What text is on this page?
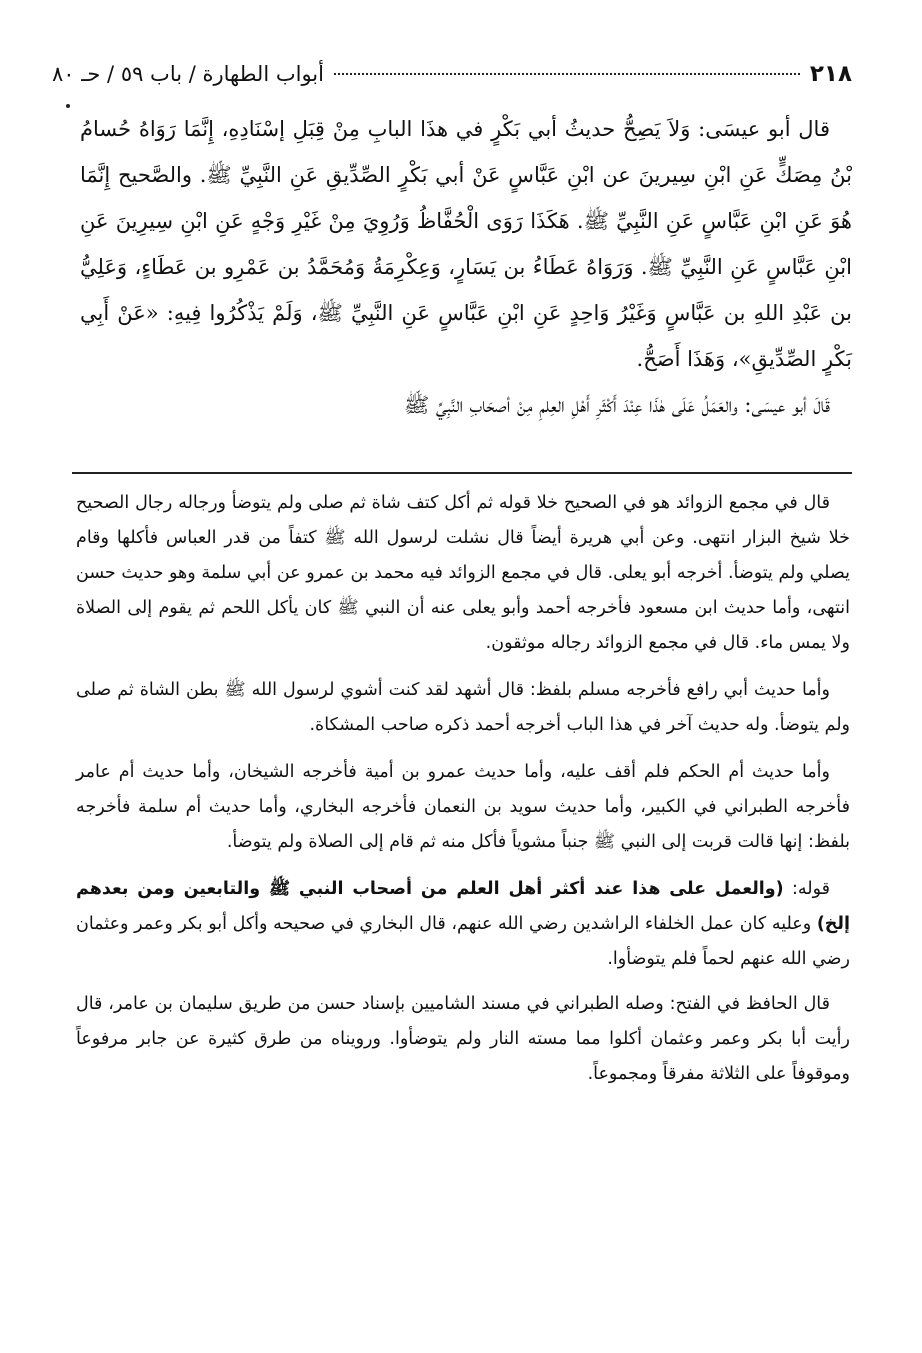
٢١٨
أبواب الطهارة / باب ٥٩ / حـ ٨٠

قال أبو عيسَى: وَلاَ يَصِحُّ حديثُ أبي بَكْرٍ في هذَا البابِ مِنْ قِبَلِ إسْنَادِهِ، إِنَّمَا رَوَاهُ حُسامُ بْنُ مِصَكٍّ عَنِ ابْنِ سِيرينَ عن ابْنِ عَبَّاسٍ عَنْ أبي بَكْرٍ الصِّدِّيقِ عَنِ النَّبِيِّ ﷺ. والصَّحيح إِنَّمَا هُوَ عَنِ ابْنِ عَبَّاسٍ عَنِ النَّبِيِّ ﷺ. هَكَذَا رَوَى الْحُفَّاظُ وَرُوِيَ مِنْ غَيْرِ وَجْهٍ عَنِ ابْنِ سِيرِينَ عَنِ ابْنِ عَبَّاسٍ عَنِ النَّبِيِّ ﷺ. وَرَوَاهُ عَطَاءُ بن يَسَارٍ، وَعِكْرِمَةُ وَمُحَمَّدُ بن عَمْرِو بن عَطَاءٍ، وَعَلِيُّ بن عَبْدِ اللهِ بن عَبَّاسٍ وَغَيْرُ وَاحِدٍ عَنِ ابْنِ عَبَّاسٍ عَنِ النَّبِيِّ ﷺ، وَلَمْ يَذْكُرُوا فِيهِ: «عَنْ أَبِي بَكْرٍ الصِّدِّيقِ»، وَهَذَا أَصَحُّ.

قَالَ أبو عيسَى: والعَمَلُ عَلَى هٰذَا عِنْدَ أَكْثَرِ أَهْلِ العِلمِ مِنْ أصحَابِ النَّبِيِّ ﷺ

قال في مجمع الزوائد هو في الصحيح خلا قوله ثم أكل كتف شاة ثم صلى ولم يتوضأ ورجاله رجال الصحيح خلا شيخ البزار انتهى. وعن أبي هريرة أيضاً قال نشلت لرسول الله ﷺ كتفاً من قدر العباس فأكلها وقام يصلي ولم يتوضأ. أخرجه أبو يعلى. قال في مجمع الزوائد فيه محمد بن عمرو عن أبي سلمة وهو حديث حسن انتهى، وأما حديث ابن مسعود فأخرجه أحمد وأبو يعلى عنه أن النبي ﷺ كان يأكل اللحم ثم يقوم إلى الصلاة ولا يمس ماء. قال في مجمع الزوائد رجاله موثقون.

وأما حديث أبي رافع فأخرجه مسلم بلفظ: قال أشهد لقد كنت أشوي لرسول الله ﷺ بطن الشاة ثم صلى ولم يتوضأ. وله حديث آخر في هذا الباب أخرجه أحمد ذكره صاحب المشكاة.

وأما حديث أم الحكم فلم أقف عليه، وأما حديث عمرو بن أمية فأخرجه الشيخان، وأما حديث أم عامر فأخرجه الطبراني في الكبير، وأما حديث سويد بن النعمان فأخرجه البخاري، وأما حديث أم سلمة فأخرجه بلفظ: إنها قالت قربت إلى النبي ﷺ جنباً مشوياً فأكل منه ثم قام إلى الصلاة ولم يتوضأ.

قوله: (والعمل على هذا عند أكثر أهل العلم من أصحاب النبي ﷺ والتابعين ومن بعدهم إلخ) وعليه كان عمل الخلفاء الراشدين رضي الله عنهم، قال البخاري في صحيحه وأكل أبو بكر وعمر وعثمان رضي الله عنهم لحماً فلم يتوضأوا.

قال الحافظ في الفتح: وصله الطبراني في مسند الشاميين بإسناد حسن من طريق سليمان بن عامر، قال رأيت أبا بكر وعمر وعثمان أكلوا مما مسته النار ولم يتوضأوا. ورويناه من طرق كثيرة عن جابر مرفوعاً وموقوفاً على الثلاثة مفرقاً ومجموعاً.
